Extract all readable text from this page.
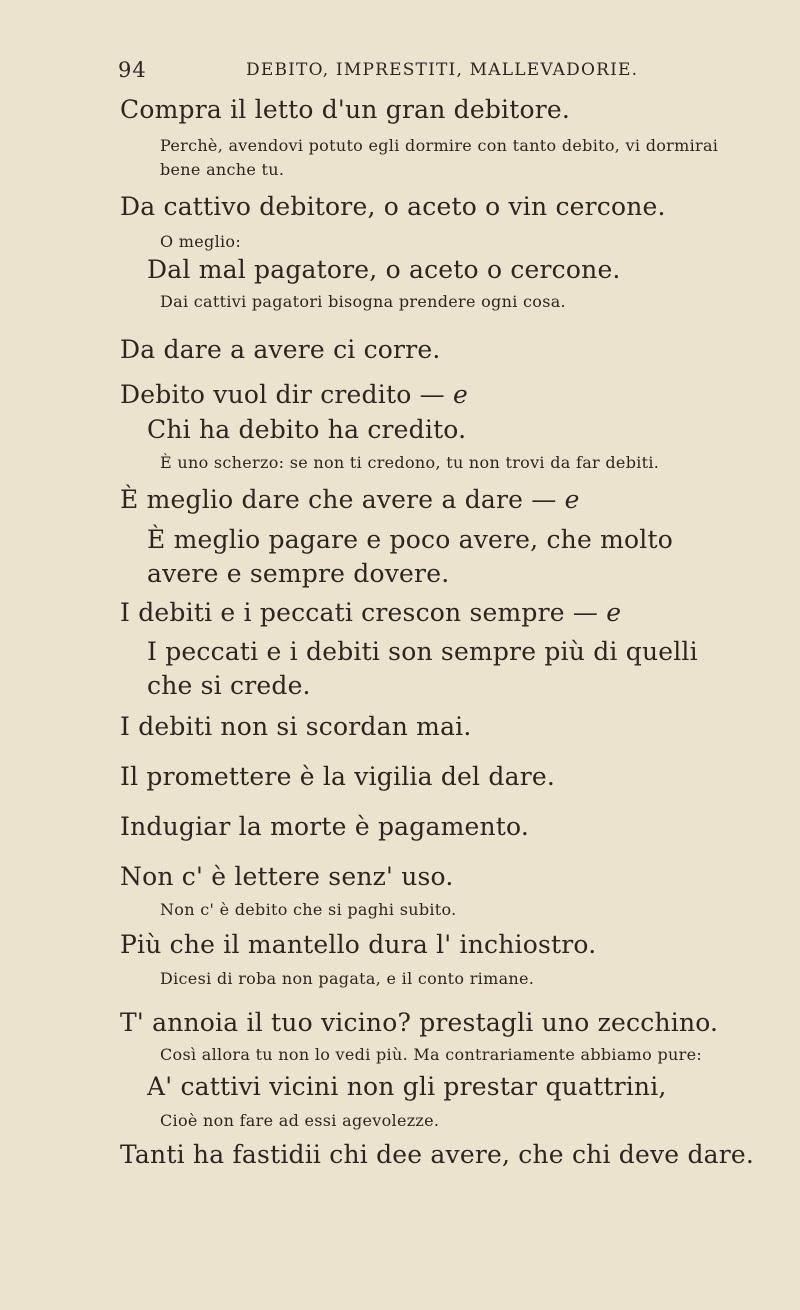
94	DEBITO, IMPRESTITI, MALLEVADORIE.

Compra il letto d'un gran debitore.

Perchè, avendovi potuto egli dormire con tanto debito, vi dormirai bene anche tu.

Da cattivo debitore, o aceto o vin cercone.

O meglio:

Dal mal pagatore, o aceto o cercone.

Dai cattivi pagatori bisogna prendere ogni cosa.

Da dare a avere ci corre.

Debito vuol dir credito — e

Chi ha debito ha credito.

È uno scherzo: se non ti credono, tu non trovi da far debiti.

È meglio dare che avere a dare — e

È meglio pagare e poco avere, che molto avere e sempre dovere.

I debiti e i peccati crescon sempre — e

I peccati e i debiti son sempre più di quelli che si crede.

I debiti non si scordan mai.

Il promettere è la vigilia del dare.

Indugiar la morte è pagamento.

Non c' è lettere senz' uso.

Non c' è debito che si paghi subito.

Più che il mantello dura l' inchiostro.

Dicesi di roba non pagata, e il conto rimane.

T' annoia il tuo vicino? prestagli uno zecchino.

Così allora tu non lo vedi più. Ma contrariamente abbiamo pure:

A' cattivi vicini non gli prestar quattrini,

Cioè non fare ad essi agevolezze.

Tanti ha fastidii chi dee avere, che chi deve dare.
